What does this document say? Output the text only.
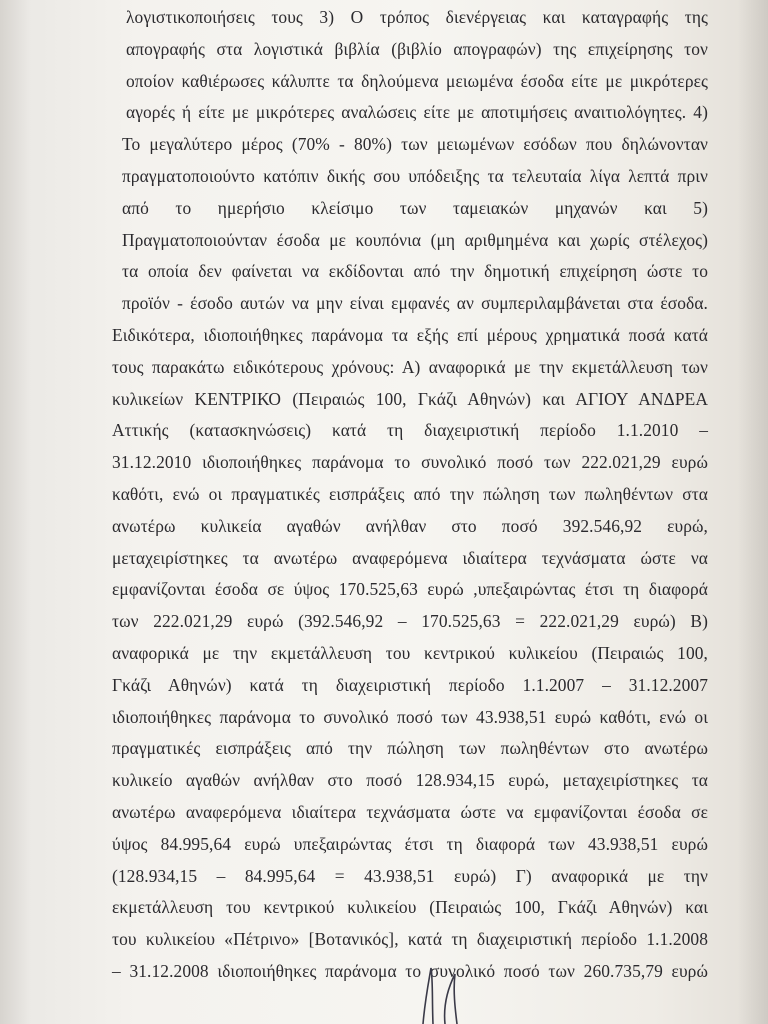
λογιστικοποιήσεις τους 3) Ο τρόπος διενέργειας και καταγραφής της
απογραφής στα λογιστικά βιβλία (βιβλίο απογραφών) της επιχείρησης τον
οποίον καθιέρωσες κάλυπτε τα δηλούμενα μειωμένα έσοδα είτε με μικρότερες
αγορές ή είτε με μικρότερες αναλώσεις είτε με αποτιμήσεις αναιτιολόγητες. 4)
Το μεγαλύτερο μέρος (70% - 80%) των μειωμένων εσόδων που δηλώνονταν
πραγματοποιούντο κατόπιν δικής σου υπόδειξης τα τελευταία λίγα λεπτά πριν
από το ημερήσιο κλείσιμο των ταμειακών μηχανών και 5)
Πραγματοποιούνταν έσοδα με κουπόνια (μη αριθμημένα και χωρίς στέλεχος)
τα οποία δεν φαίνεται να εκδίδονται από την δημοτική επιχείρηση ώστε το
προϊόν - έσοδο αυτών να μην είναι εμφανές αν συμπεριλαμβάνεται στα έσοδα.
Ειδικότερα, ιδιοποιήθηκες παράνομα τα εξής επί μέρους χρηματικά ποσά κατά
τους παρακάτω ειδικότερους χρόνους: Α) αναφορικά με την εκμετάλλευση των
κυλικείων ΚΕΝΤΡΙΚΟ (Πειραιώς 100, Γκάζι Αθηνών) και ΑΓΙΟΥ ΑΝΔΡΕΑ
Αττικής (κατασκηνώσεις) κατά τη διαχειριστική περίοδο 1.1.2010 –
31.12.2010 ιδιοποιήθηκες παράνομα το συνολικό ποσό των 222.021,29 ευρώ
καθότι, ενώ οι πραγματικές εισπράξεις από την πώληση των πωληθέντων στα
ανωτέρω κυλικεία αγαθών ανήλθαν στο ποσό 392.546,92 ευρώ,
μεταχειρίστηκες τα ανωτέρω αναφερόμενα ιδιαίτερα τεχνάσματα ώστε να
εμφανίζονται έσοδα σε ύψος 170.525,63 ευρώ ,υπεξαιρώντας έτσι τη διαφορά
των 222.021,29 ευρώ (392.546,92 – 170.525,63 = 222.021,29 ευρώ) Β)
αναφορικά με την εκμετάλλευση του κεντρικού κυλικείου (Πειραιώς 100,
Γκάζι Αθηνών) κατά τη διαχειριστική περίοδο 1.1.2007 – 31.12.2007
ιδιοποιήθηκες παράνομα το συνολικό ποσό των 43.938,51 ευρώ καθότι, ενώ οι
πραγματικές εισπράξεις από την πώληση των πωληθέντων στο ανωτέρω
κυλικείο αγαθών ανήλθαν στο ποσό 128.934,15 ευρώ, μεταχειρίστηκες τα
ανωτέρω αναφερόμενα ιδιαίτερα τεχνάσματα ώστε να εμφανίζονται έσοδα σε
ύψος 84.995,64 ευρώ υπεξαιρώντας έτσι τη διαφορά των 43.938,51 ευρώ
(128.934,15 – 84.995,64 = 43.938,51 ευρώ) Γ) αναφορικά με την
εκμετάλλευση του κεντρικού κυλικείου (Πειραιώς 100, Γκάζι Αθηνών) και
του κυλικείου «Πέτρινο» [Βοτανικός], κατά τη διαχειριστική περίοδο 1.1.2008
– 31.12.2008 ιδιοποιήθηκες παράνομα το συνολικό ποσό των 260.735,79 ευρώ
